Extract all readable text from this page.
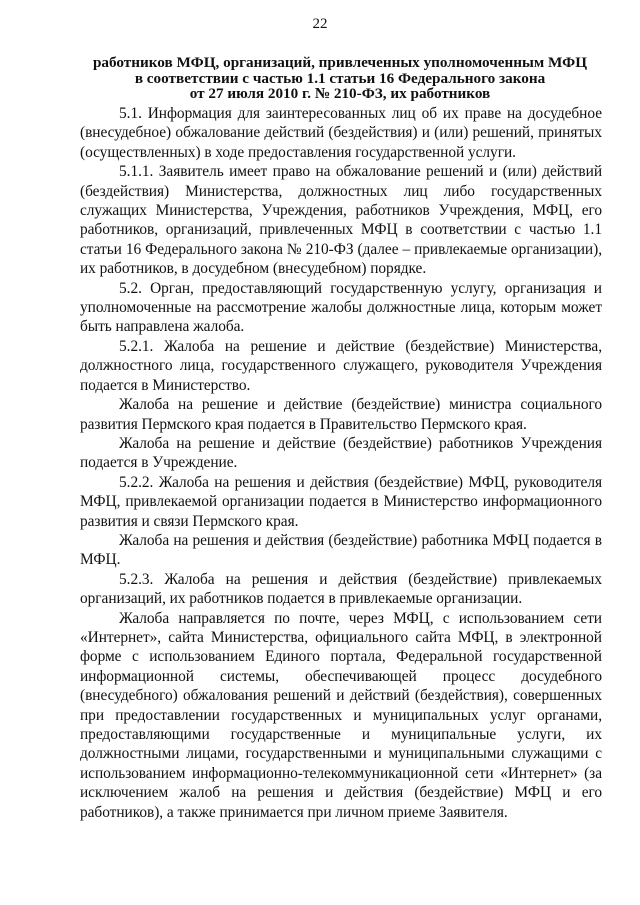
22
работников МФЦ, организаций, привлеченных уполномоченным МФЦ
в соответствии с частью 1.1 статьи 16 Федерального закона
от 27 июля 2010 г. № 210-ФЗ, их работников

5.1. Информация для заинтересованных лиц об их праве на досудебное (внесудебное) обжалование действий (бездействия) и (или) решений, принятых (осуществленных) в ходе предоставления государственной услуги.

5.1.1. Заявитель имеет право на обжалование решений и (или) действий (бездействия) Министерства, должностных лиц либо государственных служащих Министерства, Учреждения, работников Учреждения, МФЦ, его работников, организаций, привлеченных МФЦ в соответствии с частью 1.1 статьи 16 Федерального закона № 210-ФЗ (далее – привлекаемые организации), их работников, в досудебном (внесудебном) порядке.

5.2. Орган, предоставляющий государственную услугу, организация и уполномоченные на рассмотрение жалобы должностные лица, которым может быть направлена жалоба.

5.2.1. Жалоба на решение и действие (бездействие) Министерства, должностного лица, государственного служащего, руководителя Учреждения подается в Министерство.

Жалоба на решение и действие (бездействие) министра социального развития Пермского края подается в Правительство Пермского края.

Жалоба на решение и действие (бездействие) работников Учреждения подается в Учреждение.

5.2.2. Жалоба на решения и действия (бездействие) МФЦ, руководителя МФЦ, привлекаемой организации подается в Министерство информационного развития и связи Пермского края.

Жалоба на решения и действия (бездействие) работника МФЦ подается в МФЦ.

5.2.3. Жалоба на решения и действия (бездействие) привлекаемых организаций, их работников подается в привлекаемые организации.

Жалоба направляется по почте, через МФЦ, с использованием сети «Интернет», сайта Министерства, официального сайта МФЦ, в электронной форме с использованием Единого портала, Федеральной государственной информационной системы, обеспечивающей процесс досудебного (внесудебного) обжалования решений и действий (бездействия), совершенных при предоставлении государственных и муниципальных услуг органами, предоставляющими государственные и муниципальные услуги, их должностными лицами, государственными и муниципальными служащими с использованием информационно-телекоммуникационной сети «Интернет» (за исключением жалоб на решения и действия (бездействие) МФЦ и его работников), а также принимается при личном приеме Заявителя.
